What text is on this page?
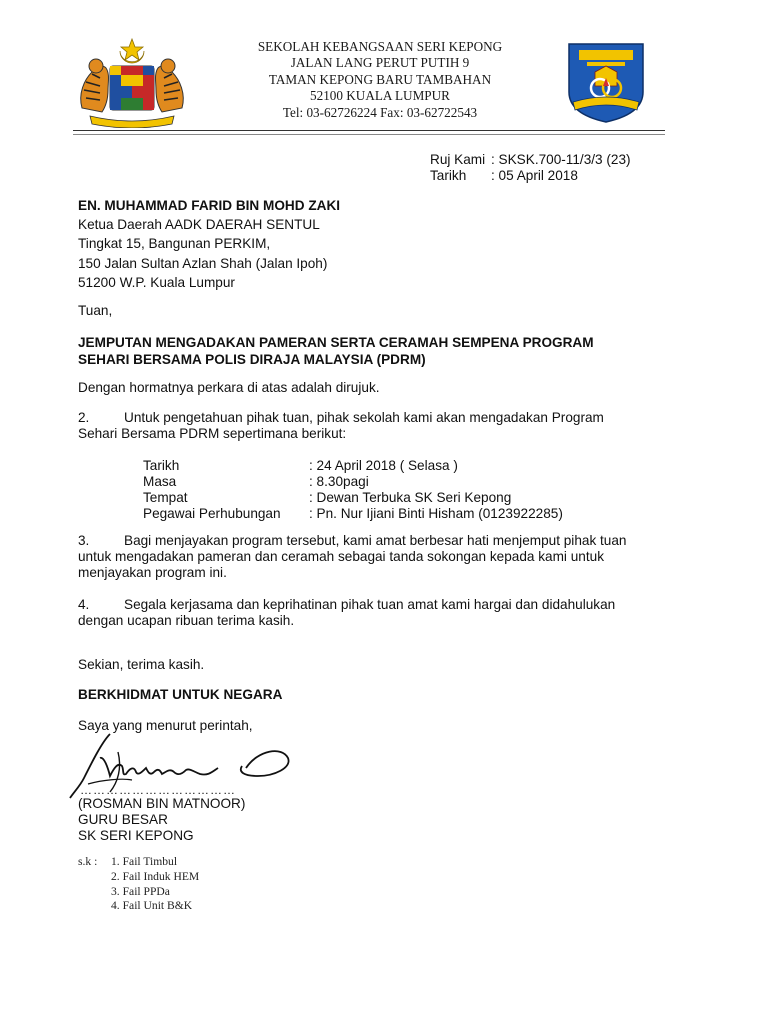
SEKOLAH KEBANGSAAN SERI KEPONG
JALAN LANG PERUT PUTIH 9
TAMAN KEPONG BARU TAMBAHAN
52100 KUALA LUMPUR
Tel: 03-62726224 Fax: 03-62722543
Ruj Kami : SKSK.700-11/3/3 (23)
Tarikh	: 05 April 2018
EN. MUHAMMAD FARID BIN MOHD ZAKI
Ketua Daerah AADK DAERAH SENTUL
Tingkat 15, Bangunan PERKIM,
150 Jalan Sultan Azlan Shah (Jalan Ipoh)
51200 W.P. Kuala Lumpur
Tuan,
JEMPUTAN MENGADAKAN PAMERAN SERTA CERAMAH SEMPENA PROGRAM
SEHARI BERSAMA POLIS DIRAJA MALAYSIA (PDRM)
Dengan hormatnya perkara di atas adalah dirujuk.
2.	Untuk pengetahuan pihak tuan, pihak sekolah kami akan mengadakan Program
Sehari Bersama PDRM sepertimana berikut:
Tarikh	: 24 April 2018 ( Selasa )
Masa	: 8.30pagi
Tempat	: Dewan Terbuka SK Seri Kepong
Pegawai Perhubungan	: Pn. Nur Ijiani Binti Hisham (0123922285)
3.	Bagi menjayakan program tersebut, kami amat berbesar hati menjemput pihak tuan
untuk mengadakan pameran dan ceramah sebagai tanda sokongan kepada kami untuk
menjayakan program ini.
4.	Segala kerjasama dan keprihatinan pihak tuan amat kami hargai dan didahulukan
dengan ucapan ribuan terima kasih.
Sekian, terima kasih.
BERKHIDMAT UNTUK NEGARA
Saya yang menurut perintah,
………………………………
(ROSMAN BIN MATNOOR)
GURU BESAR
SK SERI KEPONG
s.k :	1. Fail Timbul
2. Fail Induk HEM
3. Fail PPDa
4. Fail Unit B&K
